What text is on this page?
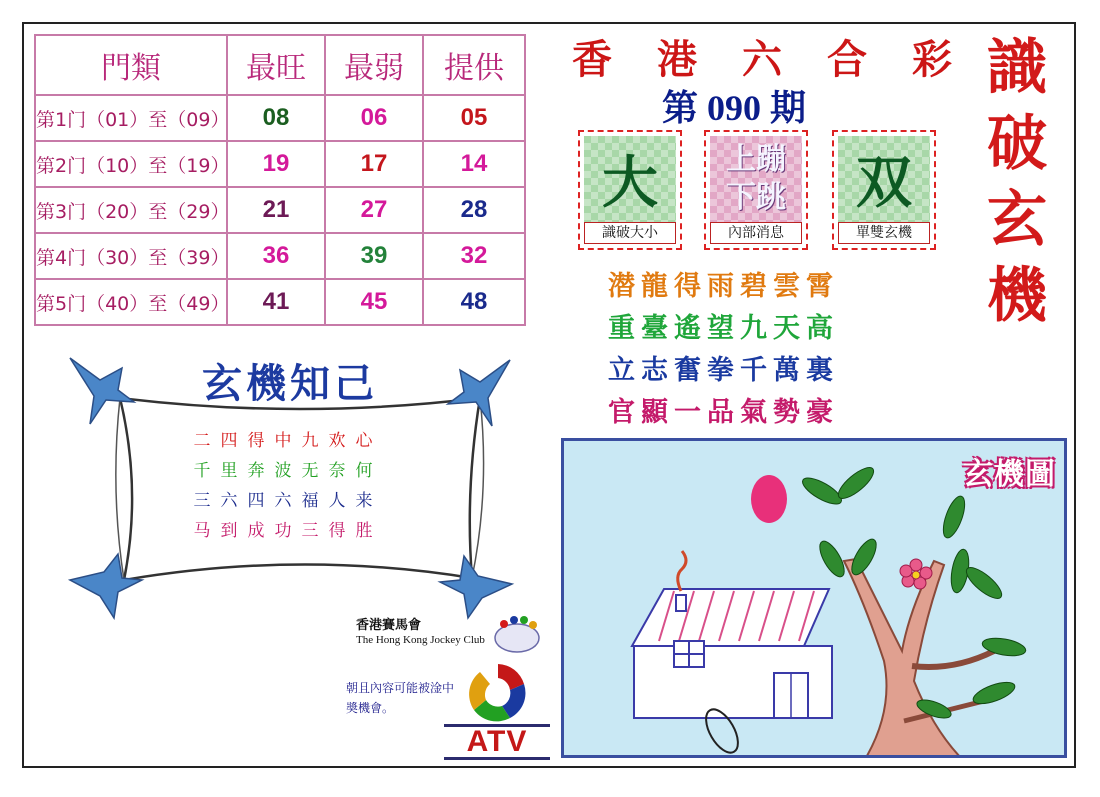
門類	最旺	最弱	提供
第1门（01）至（09）	08	06	05
第2门（10）至（19）	19	17	14
第3门（20）至（29）	21	27	28
第4门（30）至（39）	36	39	32
第5门（40）至（49）	41	45	48
香 港 六 合 彩
第 090 期
識
破
玄
機
大
識破大小
上蹦
下跳
內部消息
双
單雙玄機
潜龍得雨碧雲霄
重臺遙望九天高
立志奮拳千萬裏
官顯一品氣勢豪
玄機知己
二四得中九欢心
千里奔波无奈何
三六四六福人来
马到成功三得胜
香港賽馬會
The Hong Kong Jockey Club
朝且內容可能被淦中奬機會。
ATV
玄機圖
